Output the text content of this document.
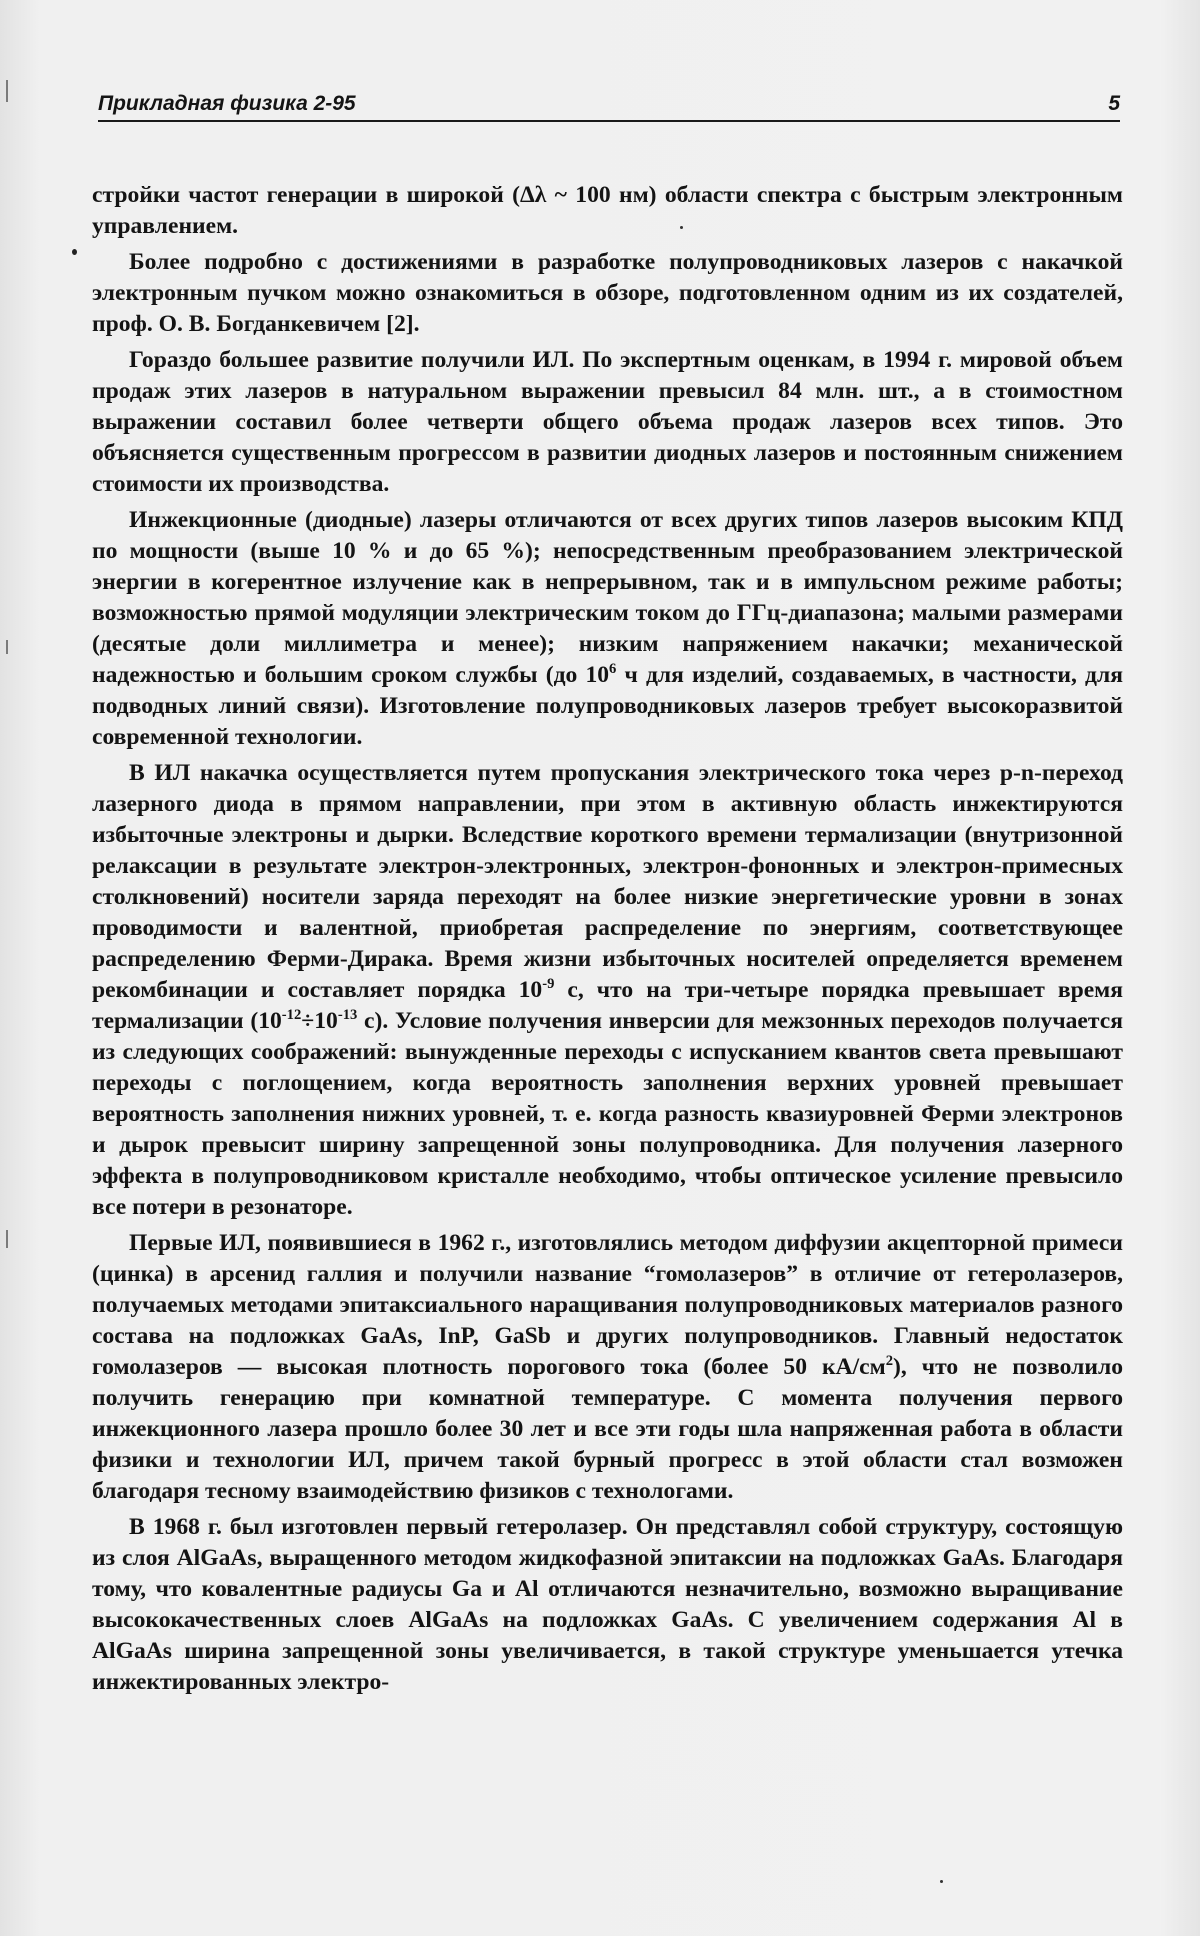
Прикладная физика 2-95	5

стройки частот генерации в широкой (Δλ ~ 100 нм) области спектра с быстрым электронным управлением.

Более подробно с достижениями в разработке полупроводниковых лазеров с накачкой электронным пучком можно ознакомиться в обзоре, подготовленном одним из их создателей, проф. О. В. Богданкевичем [2].

Гораздо большее развитие получили ИЛ. По экспертным оценкам, в 1994 г. мировой объем продаж этих лазеров в натуральном выражении превысил 84 млн. шт., а в стоимостном выражении составил более четверти общего объема продаж лазеров всех типов. Это объясняется существенным прогрессом в развитии диодных лазеров и постоянным снижением стоимости их производства.

Инжекционные (диодные) лазеры отличаются от всех других типов лазеров высоким КПД по мощности (выше 10 % и до 65 %); непосредственным преобразованием электрической энергии в когерентное излучение как в непрерывном, так и в импульсном режиме работы; возможностью прямой модуляции электрическим током до ГГц-диапазона; малыми размерами (десятые доли миллиметра и менее); низким напряжением накачки; механической надежностью и большим сроком службы (до $10^6$ ч для изделий, создаваемых, в частности, для подводных линий связи). Изготовление полупроводниковых лазеров требует высокоразвитой современной технологии.

В ИЛ накачка осуществляется путем пропускания электрического тока через p-n-переход лазерного диода в прямом направлении, при этом в активную область инжектируются избыточные электроны и дырки. Вследствие короткого времени термализации (внутризонной релаксации в результате электрон-электронных, электрон-фононных и электрон-примесных столкновений) носители заряда переходят на более низкие энергетические уровни в зонах проводимости и валентной, приобретая распределение по энергиям, соответствующее распределению Ферми-Дирака. Время жизни избыточных носителей определяется временем рекомбинации и составляет порядка $10^{-9}$ с, что на три-четыре порядка превышает время термализации ($10^{-12}\div 10^{-13}$ с). Условие получения инверсии для межзонных переходов получается из следующих соображений: вынужденные переходы с испусканием квантов света превышают переходы с поглощением, когда вероятность заполнения верхних уровней превышает вероятность заполнения нижних уровней, т. е. когда разность квазиуровней Ферми электронов и дырок превысит ширину запрещенной зоны полупроводника. Для получения лазерного эффекта в полупроводниковом кристалле необходимо, чтобы оптическое усиление превысило все потери в резонаторе.

Первые ИЛ, появившиеся в 1962 г., изготовлялись методом диффузии акцепторной примеси (цинка) в арсенид галлия и получили название “гомолазеров” в отличие от гетеролазеров, получаемых методами эпитаксиального наращивания полупроводниковых материалов разного состава на подложках GaAs, InP, GaSb и других полупроводников. Главный недостаток гомолазеров — высокая плотность порогового тока (более 50 $кА/см^2$), что не позволило получить генерацию при комнатной температуре. С момента получения первого инжекционного лазера прошло более 30 лет и все эти годы шла напряженная работа в области физики и технологии ИЛ, причем такой бурный прогресс в этой области стал возможен благодаря тесному взаимодействию физиков с технологами.

В 1968 г. был изготовлен первый гетеролазер. Он представлял собой структуру, состоящую из слоя AlGaAs, выращенного методом жидкофазной эпитаксии на подложках GaAs. Благодаря тому, что ковалентные радиусы Ga и Al отличаются незначительно, возможно выращивание высококачественных слоев AlGaAs на подложках GaAs. С увеличением содержания Al в AlGaAs ширина запрещенной зоны увеличивается, в такой структуре уменьшается утечка инжектированных электро-
